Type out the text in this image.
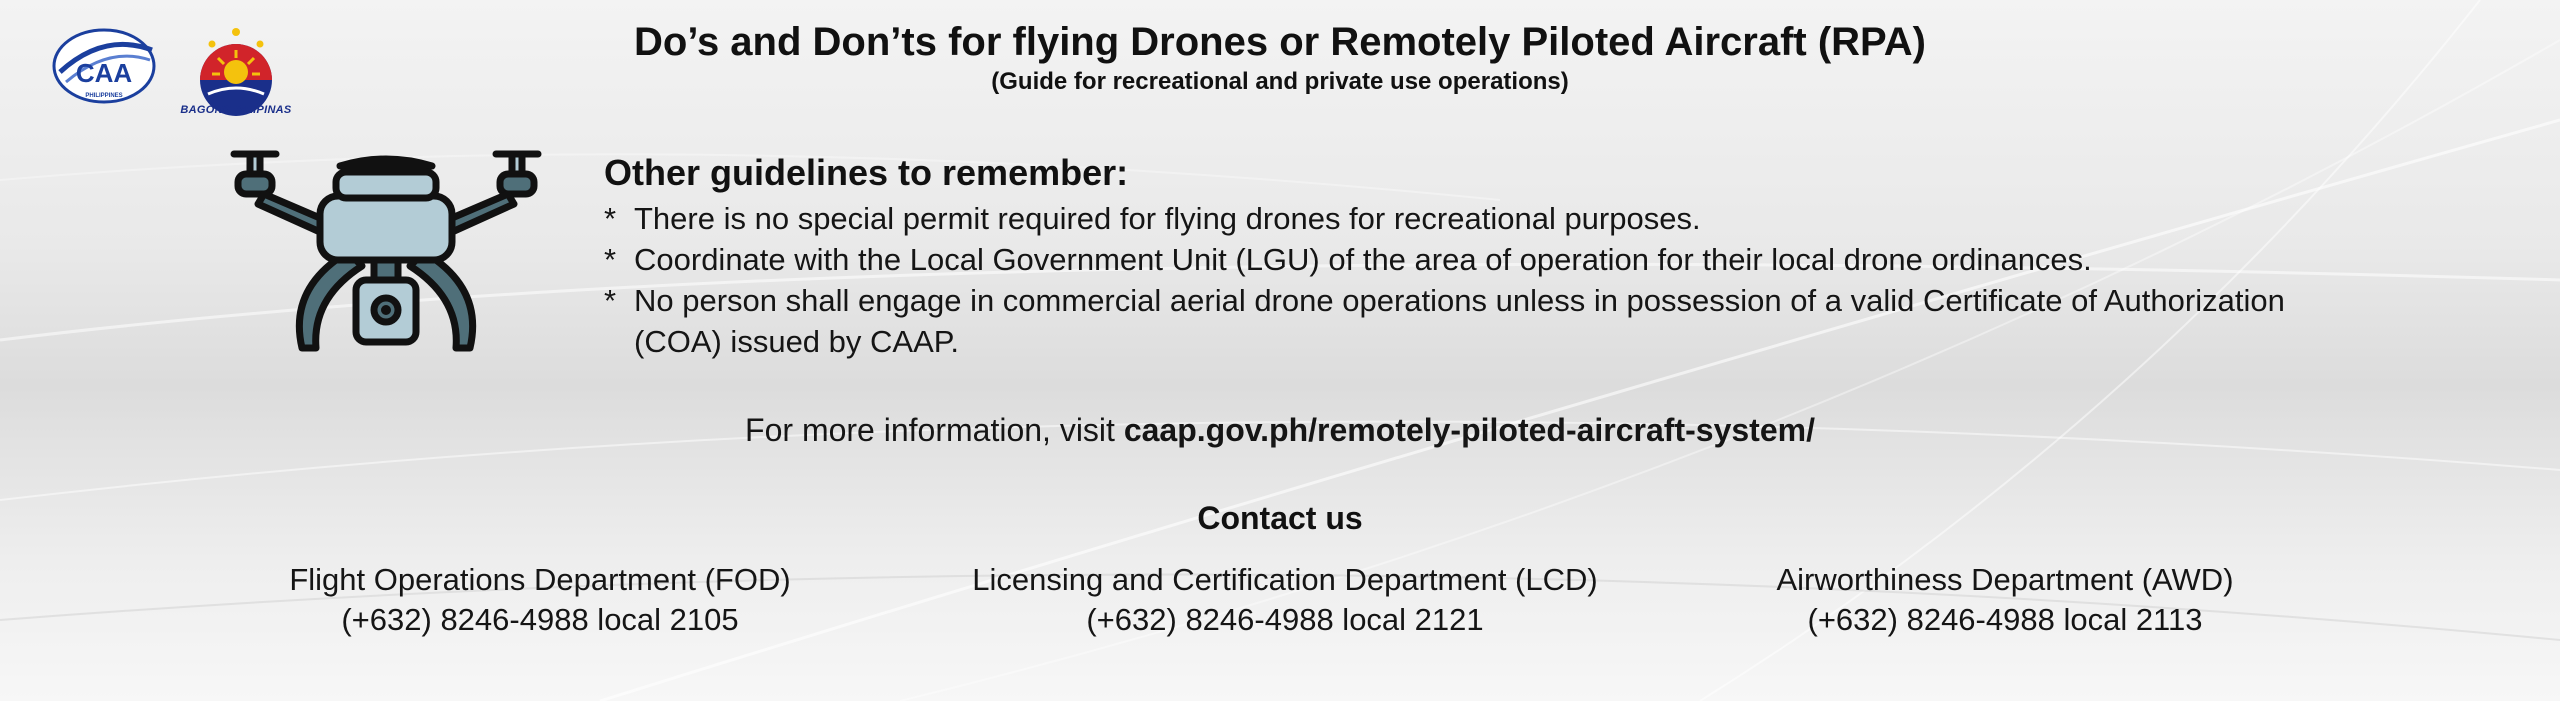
CAA
PHILIPPINES
BAGONG PILIPINAS
Do’s and Don’ts for flying Drones or Remotely Piloted Aircraft (RPA)
(Guide for recreational and private use operations)
Other guidelines to remember:
* There is no special permit required for flying drones for recreational purposes.
* Coordinate with the Local Government Unit (LGU) of the area of operation for their local drone ordinances.
* No person shall engage in commercial aerial drone operations unless in possession of a valid Certificate of Authorization (COA) issued by CAAP.
For more information, visit caap.gov.ph/remotely-piloted-aircraft-system/
Contact us
Flight Operations Department (FOD)
(+632) 8246-4988 local 2105
Licensing and Certification Department (LCD)
(+632) 8246-4988 local 2121
Airworthiness Department (AWD)
(+632) 8246-4988 local 2113
